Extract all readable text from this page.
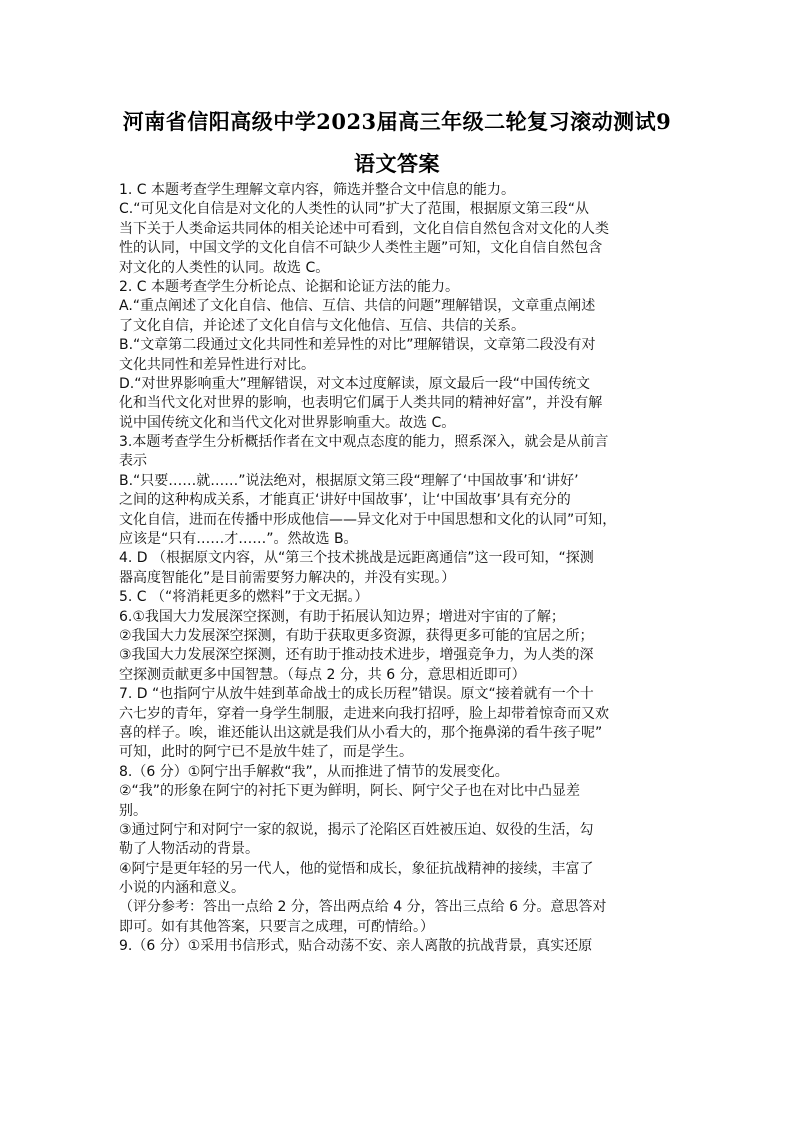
河南省信阳高级中学2023届高三年级二轮复习滚动测试9
语文答案
1. C 本题考查学生理解文章内容，筛选并整合文中信息的能力。
C.“可见文化自信是对文化的人类性的认同”扩大了范围，根据原文第三段“从
当下关于人类命运共同体的相关论述中可看到，文化自信自然包含对文化的人类
性的认同，中国文学的文化自信不可缺少人类性主题”可知，文化自信自然包含
对文化的人类性的认同。故选 C。
2. C 本题考查学生分析论点、论据和论证方法的能力。
A.“重点阐述了文化自信、他信、互信、共信的问题”理解错误，文章重点阐述
了文化自信，并论述了文化自信与文化他信、互信、共信的关系。
B.“文章第二段通过文化共同性和差异性的对比”理解错误，文章第二段没有对
文化共同性和差异性进行对比。
D.“对世界影响重大”理解错误，对文本过度解读，原文最后一段“中国传统文
化和当代文化对世界的影响，也表明它们属于人类共同的精神好富”，并没有解
说中国传统文化和当代文化对世界影响重大。故选 C。
3.本题考查学生分析概括作者在文中观点态度的能力，照系深入，就会是从前言
表示
B.“只要……就……”说法绝对，根据原文第三段“理解了‘中国故事’和‘讲好’
之间的这种构成关系，才能真正‘讲好中国故事’，让‘中国故事’具有充分的
文化自信，进而在传播中形成他信——异文化对于中国思想和文化的认同”可知，
应该是“只有……才……”。然故选 B。
4. D （根据原文内容，从“第三个技术挑战是远距离通信”这一段可知，“探测
器高度智能化”是目前需要努力解决的，并没有实现。）
5. C （“将消耗更多的燃料”于文无据。）
6.①我国大力发展深空探测，有助于拓展认知边界；增进对宇宙的了解；
②我国大力发展深空探测，有助于获取更多资源，获得更多可能的宜居之所；
③我国大力发展深空探测，还有助于推动技术进步，增强竞争力，为人类的深
空探测贡献更多中国智慧。（每点 2 分，共 6 分，意思相近即可）
7. D “也指阿宁从放牛娃到革命战士的成长历程”错误。原文“接着就有一个十
六七岁的青年，穿着一身学生制服，走进来向我打招呼，脸上却带着惊奇而又欢
喜的样子。唉，谁还能认出这就是我们从小看大的，那个拖鼻涕的看牛孩子呢”
可知，此时的阿宁已不是放牛娃了，而是学生。
8.（6 分）①阿宁出手解救“我”，从而推进了情节的发展变化。
②“我”的形象在阿宁的衬托下更为鲜明，阿长、阿宁父子也在对比中凸显差
别。
③通过阿宁和对阿宁一家的叙说，揭示了沦陷区百姓被压迫、奴役的生活，勾
勒了人物活动的背景。
④阿宁是更年轻的另一代人，他的觉悟和成长，象征抗战精神的接续，丰富了
小说的内涵和意义。
（评分参考：答出一点给 2 分，答出两点给 4 分，答出三点给 6 分。意思答对
即可。如有其他答案，只要言之成理，可酌情给。）
9.（6 分）①采用书信形式，贴合动荡不安、亲人离散的抗战背景，真实还原
